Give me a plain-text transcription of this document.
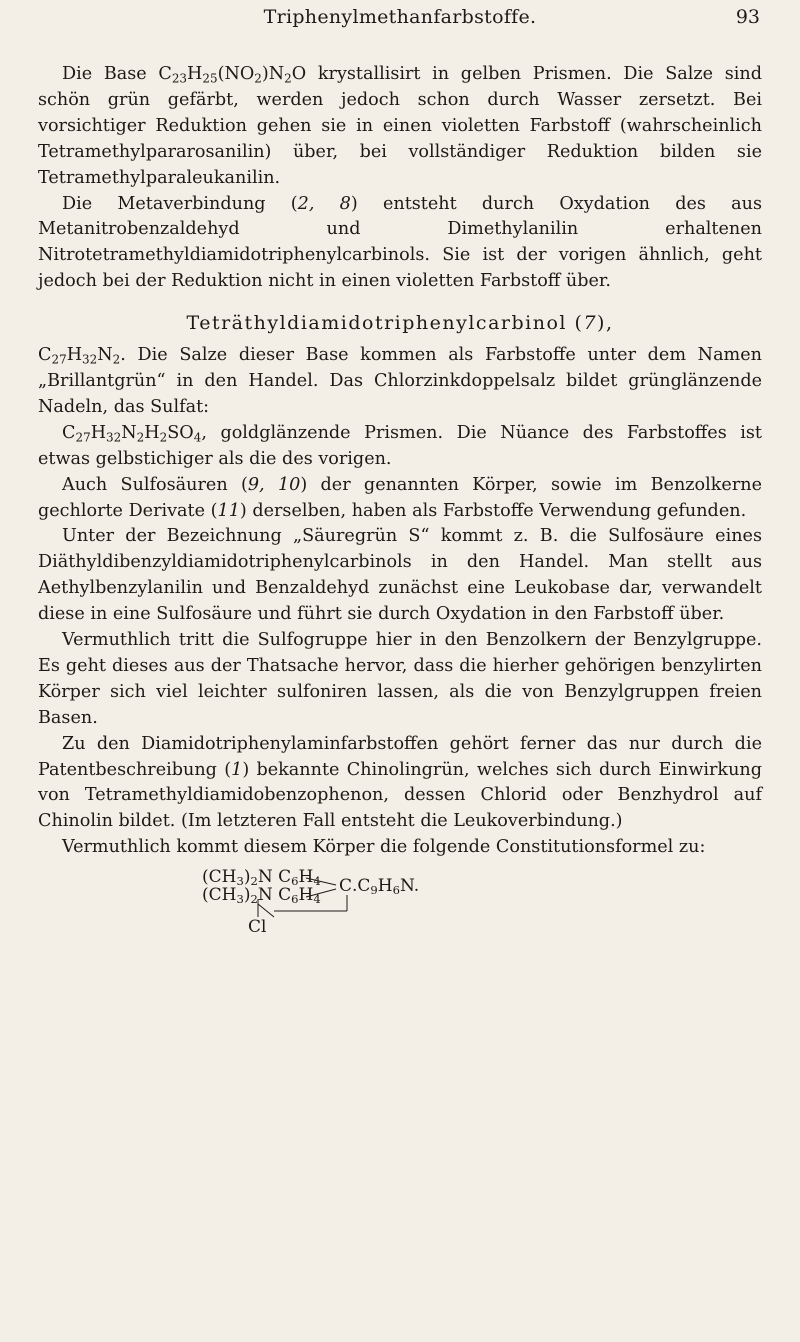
Triphenylmethanfarbstoffe.	93

Die Base $C_{23}H_{25}(NO_2)N_2O$ krystallisirt in gelben Prismen. Die Salze sind schön grün gefärbt, werden jedoch schon durch Wasser zersetzt. Bei vorsichtiger Reduktion gehen sie in einen violetten Farbstoff (wahrscheinlich Tetramethylpararosanilin) über, bei vollständiger Reduktion bilden sie Tetramethylparaleukanilin.

Die Metaverbindung (2, 8) entsteht durch Oxydation des aus Metanitrobenzaldehyd und Dimethylanilin erhaltenen Nitrotetramethyldiamidotriphenylcarbinols. Sie ist der vorigen ähnlich, geht jedoch bei der Reduktion nicht in einen violetten Farbstoff über.

Teträthyldiamidotriphenylcarbinol (7),

$C_{27}H_{32}N_2$. Die Salze dieser Base kommen als Farbstoffe unter dem Namen „Brillantgrün“ in den Handel. Das Chlorzinkdoppelsalz bildet grünglänzende Nadeln, das Sulfat:

$C_{27}H_{32}N_2H_2SO_4$, goldglänzende Prismen. Die Nüance des Farbstoffes ist etwas gelbstichiger als die des vorigen.

Auch Sulfosäuren (9, 10) der genannten Körper, sowie im Benzolkerne gechlorte Derivate (11) derselben, haben als Farbstoffe Verwendung gefunden.

Unter der Bezeichnung „Säuregrün S“ kommt z. B. die Sulfosäure eines Diäthyldibenzyldiamidotriphenylcarbinols in den Handel. Man stellt aus Aethylbenzylanilin und Benzaldehyd zunächst eine Leukobase dar, verwandelt diese in eine Sulfosäure und führt sie durch Oxydation in den Farbstoff über.

Vermuthlich tritt die Sulfogruppe hier in den Benzolkern der Benzylgruppe. Es geht dieses aus der Thatsache hervor, dass die hierher gehörigen benzylirten Körper sich viel leichter sulfoniren lassen, als die von Benzylgruppen freien Basen.

Zu den Diamidotriphenylaminfarbstoffen gehört ferner das nur durch die Patentbeschreibung (1) bekannte Chinolingrün, welches sich durch Einwirkung von Tetramethyldiamidobenzophenon, dessen Chlorid oder Benzhydrol auf Chinolin bildet. (Im letzteren Fall entsteht die Leukoverbindung.)

Vermuthlich kommt diesem Körper die folgende Constitutionsformel zu:

$(CH_3)_2N$ $C_6H_4$
$(CH_3)_2N$ $C_6H_4$
C $.C_9H_6N$.
Cl
